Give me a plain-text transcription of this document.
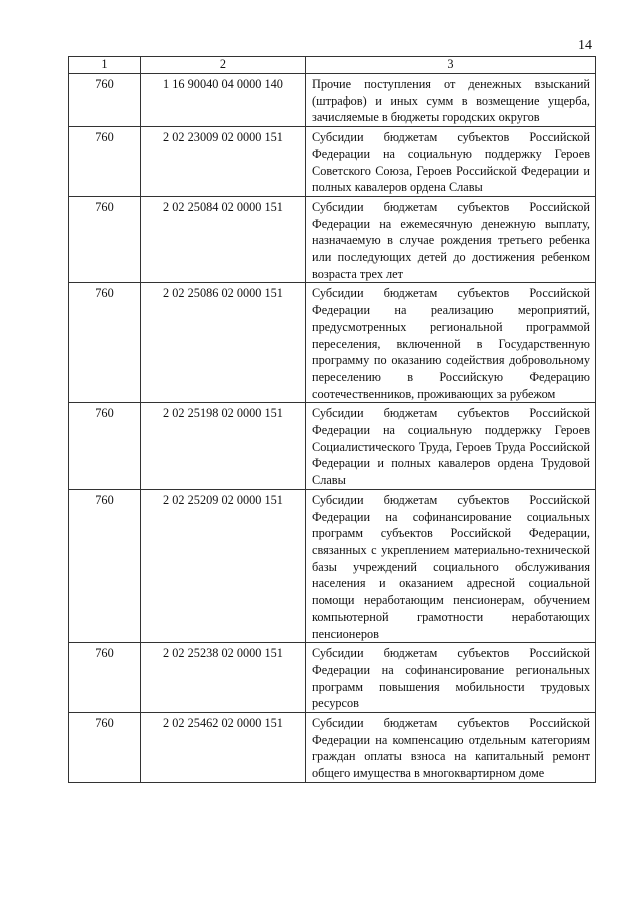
14
1	2	3
760	1 16 90040 04 0000 140	Прочие поступления от денежных взысканий (штрафов) и иных сумм в возмещение ущерба, зачисляемые в бюджеты городских округов
760	2 02 23009 02 0000 151	Субсидии бюджетам субъектов Российской Федерации на социальную поддержку Героев Советского Союза, Героев Российской Федерации и полных кавалеров ордена Славы
760	2 02 25084 02 0000 151	Субсидии бюджетам субъектов Российской Федерации на ежемесячную денежную выплату, назначаемую в случае рождения третьего ребенка или последующих детей до достижения ребенком возраста трех лет
760	2 02 25086 02 0000 151	Субсидии бюджетам субъектов Российской Федерации на реализацию мероприятий, предусмотренных региональной программой переселения, включенной в Государственную программу по оказанию содействия добровольному переселению в Российскую Федерацию соотечественников, проживающих за рубежом
760	2 02 25198 02 0000 151	Субсидии бюджетам субъектов Российской Федерации на социальную поддержку Героев Социалистического Труда, Героев Труда Российской Федерации и полных кавалеров ордена Трудовой Славы
760	2 02 25209 02 0000 151	Субсидии бюджетам субъектов Российской Федерации на софинансирование социальных программ субъектов Российской Федерации, связанных с укреплением материально-технической базы учреждений социального обслуживания населения и оказанием адресной социальной помощи неработающим пенсионерам, обучением компьютерной грамотности неработающих пенсионеров
760	2 02 25238 02 0000 151	Субсидии бюджетам субъектов Российской Федерации на софинансирование региональных программ повышения мобильности трудовых ресурсов
760	2 02 25462 02 0000 151	Субсидии бюджетам субъектов Российской Федерации на компенсацию отдельным категориям граждан оплаты взноса на капитальный ремонт общего имущества в многоквартирном доме
